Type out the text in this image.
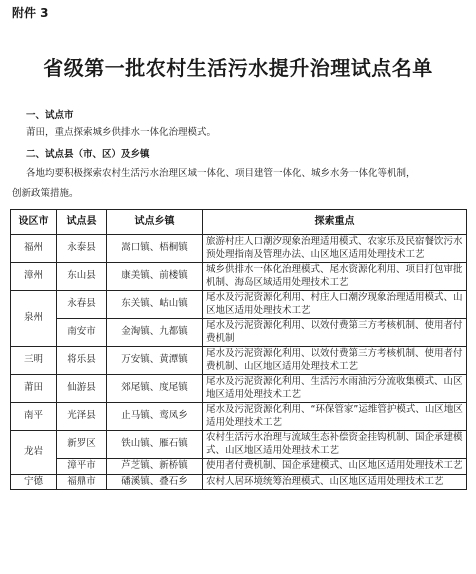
附件 3
省级第一批农村生活污水提升治理试点名单
一、试点市
莆田，重点探索城乡供排水一体化治理模式。
二、试点县（市、区）及乡镇
各地均要积极探索农村生活污水治理区域一体化、项目建管一体化、城乡水务一体化等机制，
创新政策措施。
设区市	试点县	试点乡镇	探索重点
福州	永泰县	嵩口镇、梧桐镇	旅游村庄人口潮汐现象治理适用模式、农家乐及民宿餐饮污水预处理指南及管理办法、山区地区适用处理技术工艺
漳州	东山县	康美镇、前楼镇	城乡供排水一体化治理模式、尾水资源化利用、项目打包审批机制、海岛区域适用处理技术工艺
泉州	永春县	东关镇、岵山镇	尾水及污泥资源化利用、村庄人口潮汐现象治理适用模式、山区地区适用处理技术工艺
	南安市	金淘镇、九都镇	尾水及污泥资源化利用、以效付费第三方考核机制、使用者付费机制
三明	将乐县	万安镇、黄潭镇	尾水及污泥资源化利用、以效付费第三方考核机制、使用者付费机制、山区地区适用处理技术工艺
莆田	仙游县	郊尾镇、度尾镇	尾水及污泥资源化利用、生活污水雨油污分流收集模式、山区地区适用处理技术工艺
南平	光泽县	止马镇、鸾凤乡	尾水及污泥资源化利用、“环保管家”运维管护模式、山区地区适用处理技术工艺
龙岩	新罗区	铁山镇、雁石镇	农村生活污水治理与流域生态补偿资金挂钩机制、国企承建模式、山区地区适用处理技术工艺
	漳平市	芦芝镇、新桥镇	使用者付费机制、国企承建模式、山区地区适用处理技术工艺
宁德	福鼎市	磻溪镇、叠石乡	农村人居环境统筹治理模式、山区地区适用处理技术工艺
